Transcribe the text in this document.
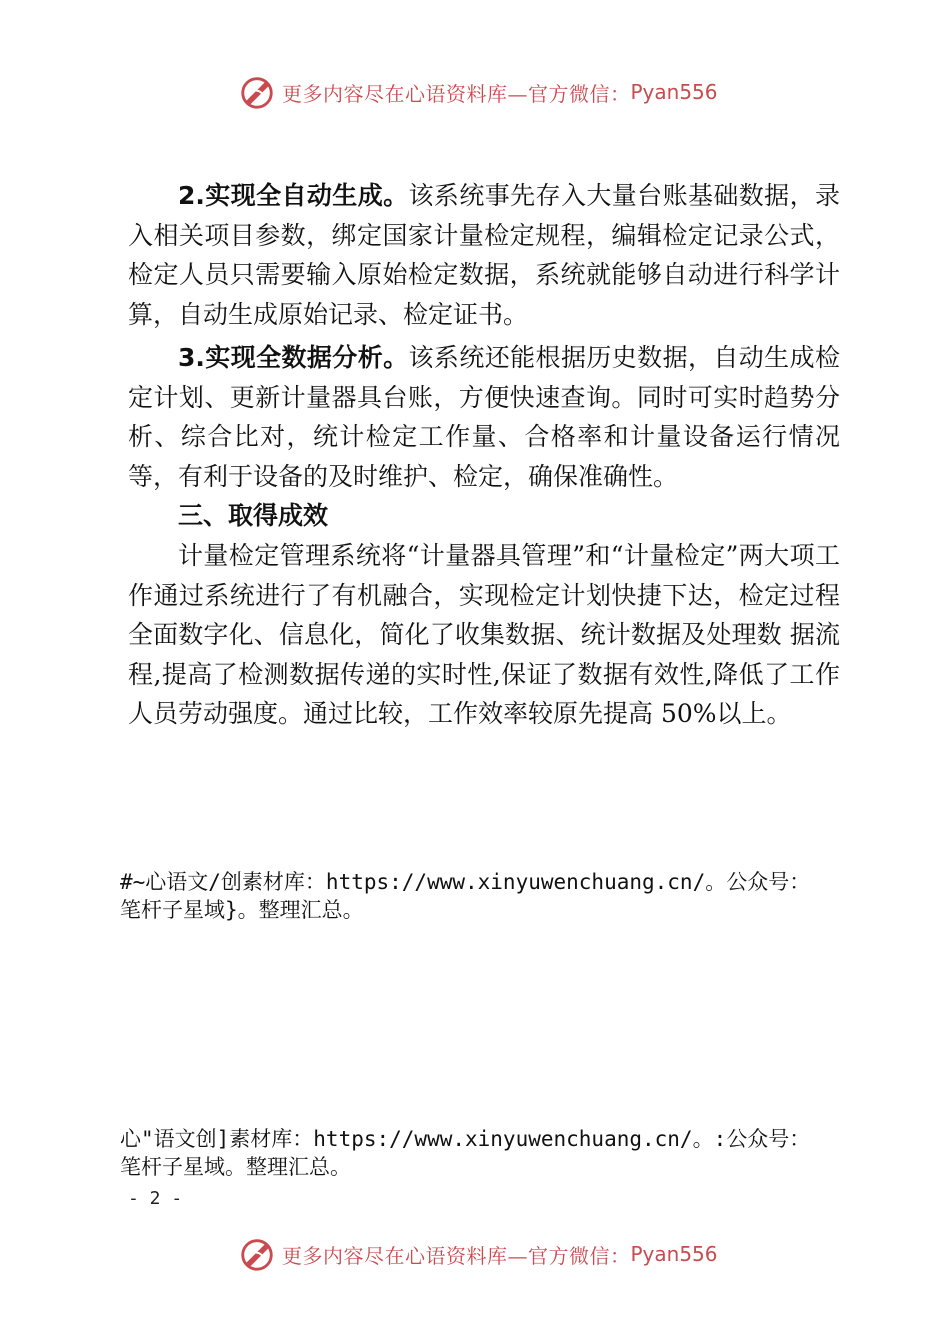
更多内容尽在心语资料库—官方微信： Pyan556

2.实现全自动生成。该系统事先存入大量台账基础数据，录入相关项目参数，绑定国家计量检定规程，编辑检定记录公式，检定人员只需要输入原始检定数据，系统就能够自动进行科学计算，自动生成原始记录、检定证书。

3.实现全数据分析。该系统还能根据历史数据，自动生成检定计划、更新计量器具台账，方便快速查询。同时可实时趋势分析、综合比对，统计检定工作量、合格率和计量设备运行情况等，有利于设备的及时维护、检定，确保准确性。

三、取得成效

计量检定管理系统将“计量器具管理”和“计量检定”两大项工作通过系统进行了有机融合，实现检定计划快捷下达，检定过程全面数字化、信息化，简化了收集数据、统计数据及处理数 据流程,提高了检测数据传递的实时性,保证了数据有效性,降低了工作人员劳动强度。通过比较，工作效率较原先提高 50%以上。

#~心语文/创素材库：https://www.xinyuwenchuang.cn/。公众号：
笔杆子星域}。整理汇总。
心"语文创]素材库：https://www.xinyuwenchuang.cn/。:公众号：
笔杆子星域。整理汇总。
- 2 -
更多内容尽在心语资料库—官方微信： Pyan556
